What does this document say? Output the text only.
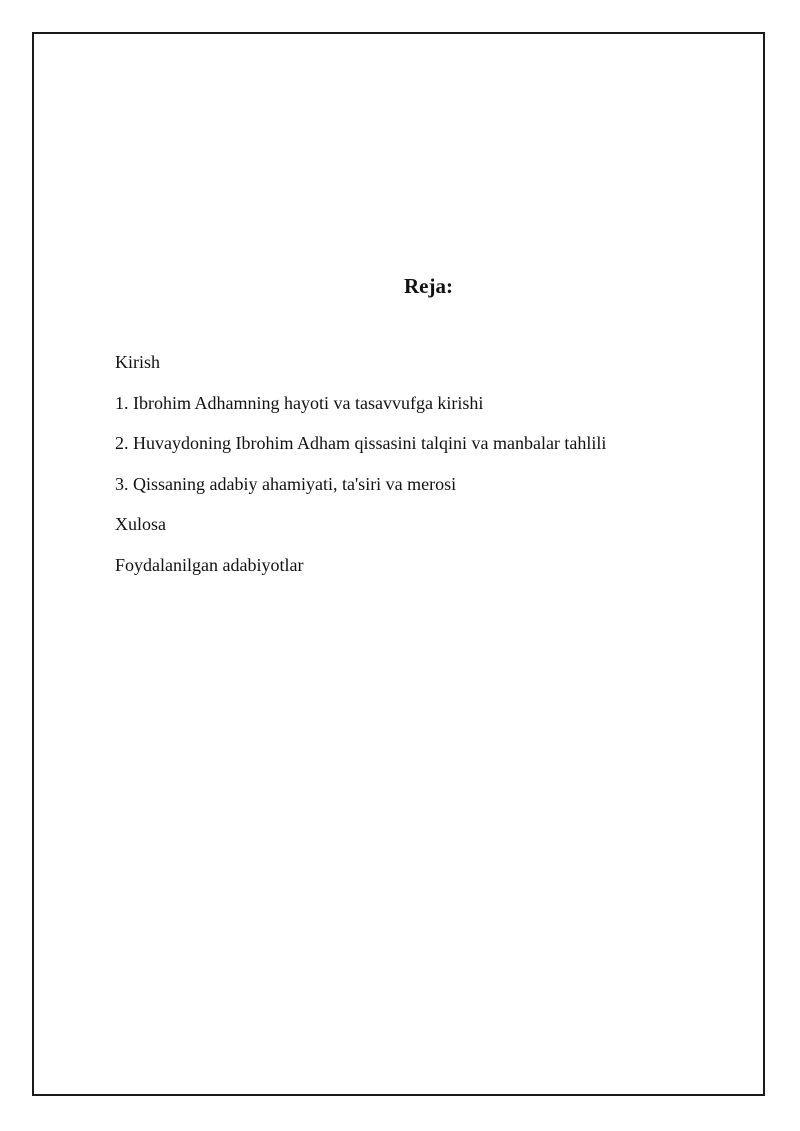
Reja:
Kirish
1. Ibrohim Adhamning hayoti va tasavvufga kirishi
2. Huvaydoning Ibrohim Adham qissasini talqini va manbalar tahlili
3. Qissaning adabiy ahamiyati, ta'siri va merosi
Xulosa
Foydalanilgan adabiyotlar
